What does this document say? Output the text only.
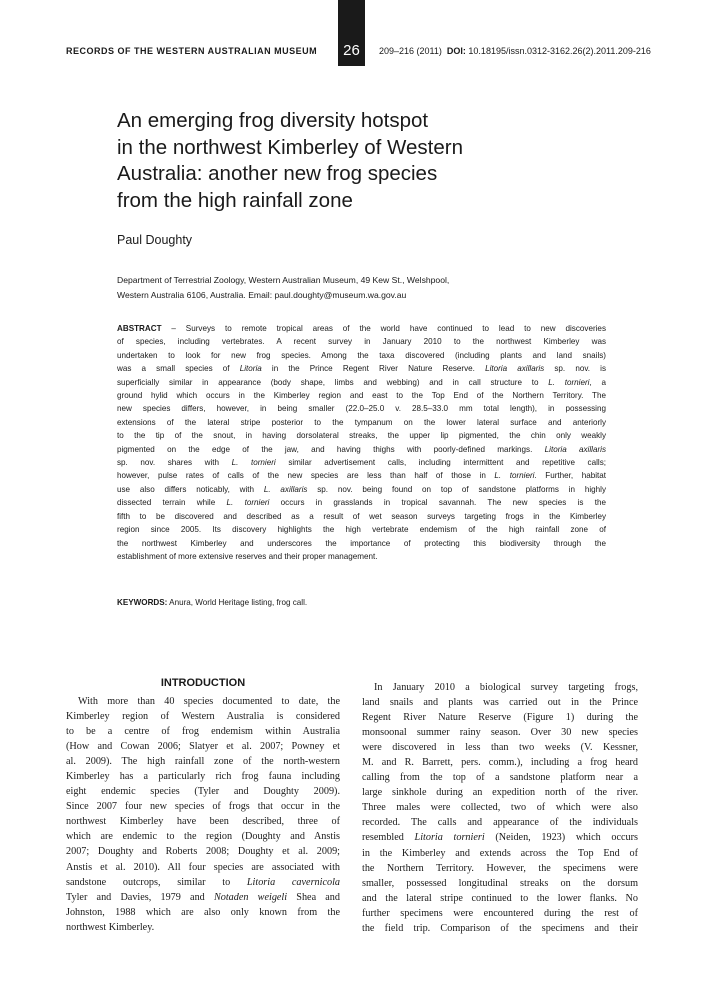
RECORDS OF THE WESTERN AUSTRALIAN MUSEUM	26	209–216 (2011) DOI: 10.18195/issn.0312-3162.26(2).2011.209-216
An emerging frog diversity hotspot
in the northwest Kimberley of Western
Australia: another new frog species
from the high rainfall zone
Paul Doughty
Department of Terrestrial Zoology, Western Australian Museum, 49 Kew St., Welshpool,
Western Australia 6106, Australia. Email: paul.doughty@museum.wa.gov.au
ABSTRACT – Surveys to remote tropical areas of the world have continued to lead to new discoveries
of species, including vertebrates. A recent survey in January 2010 to the northwest Kimberley was
undertaken to look for new frog species. Among the taxa discovered (including plants and land snails)
was a small species of Litoria in the Prince Regent River Nature Reserve. Litoria axillaris sp. nov. is
superficially similar in appearance (body shape, limbs and webbing) and in call structure to L. tornieri, a
ground hylid which occurs in the Kimberley region and east to the Top End of the Northern Territory. The
new species differs, however, in being smaller (22.0–25.0 v. 28.5–33.0 mm total length), in possessing
extensions of the lateral stripe posterior to the tympanum on the lower lateral surface and anteriorly
to the tip of the snout, in having dorsolateral streaks, the upper lip pigmented, the chin only weakly
pigmented on the edge of the jaw, and having thighs with poorly-defined markings. Litoria axillaris
sp. nov. shares with L. tornieri similar advertisement calls, including intermittent and repetitive calls;
however, pulse rates of calls of the new species are less than half of those in L. tornieri. Further, habitat
use also differs noticably, with L. axillaris sp. nov. being found on top of sandstone platforms in highly
dissected terrain while L. tornieri occurs in grasslands in tropical savannah. The new species is the
fifth to be discovered and described as a result of wet season surveys targeting frogs in the Kimberley
region since 2005. Its discovery highlights the high vertebrate endemism of the high rainfall zone of
the northwest Kimberley and underscores the importance of protecting this biodiversity through the
establishment of more extensive reserves and their proper management.
KEYWORDS: Anura, World Heritage listing, frog call.
INTRODUCTION
With more than 40 species documented to date, the
Kimberley region of Western Australia is considered
to be a centre of frog endemism within Australia
(How and Cowan 2006; Slatyer et al. 2007; Powney et
al. 2009). The high rainfall zone of the north-western
Kimberley has a particularly rich frog fauna including
eight endemic species (Tyler and Doughty 2009).
Since 2007 four new species of frogs that occur in the
northwest Kimberley have been described, three of
which are endemic to the region (Doughty and Anstis
2007; Doughty and Roberts 2008; Doughty et al. 2009;
Anstis et al. 2010). All four species are associated with
sandstone outcrops, similar to Litoria cavernicola
Tyler and Davies, 1979 and Notaden weigeli Shea and
Johnston, 1988 which are also only known from the
northwest Kimberley.
In January 2010 a biological survey targeting frogs,
land snails and plants was carried out in the Prince
Regent River Nature Reserve (Figure 1) during the
monsoonal summer rainy season. Over 30 new species
were discovered in less than two weeks (V. Kessner,
M. and R. Barrett, pers. comm.), including a frog heard
calling from the top of a sandstone platform near a
large sinkhole during an expedition north of the river.
Three males were collected, two of which were also
recorded. The calls and appearance of the individuals
resembled Litoria tornieri (Neiden, 1923) which occurs
in the Kimberley and extends across the Top End of
the Northern Territory. However, the specimens were
smaller, possessed longitudinal streaks on the dorsum
and the lateral stripe continued to the lower flanks. No
further specimens were encountered during the rest of
the field trip. Comparison of the specimens and their
